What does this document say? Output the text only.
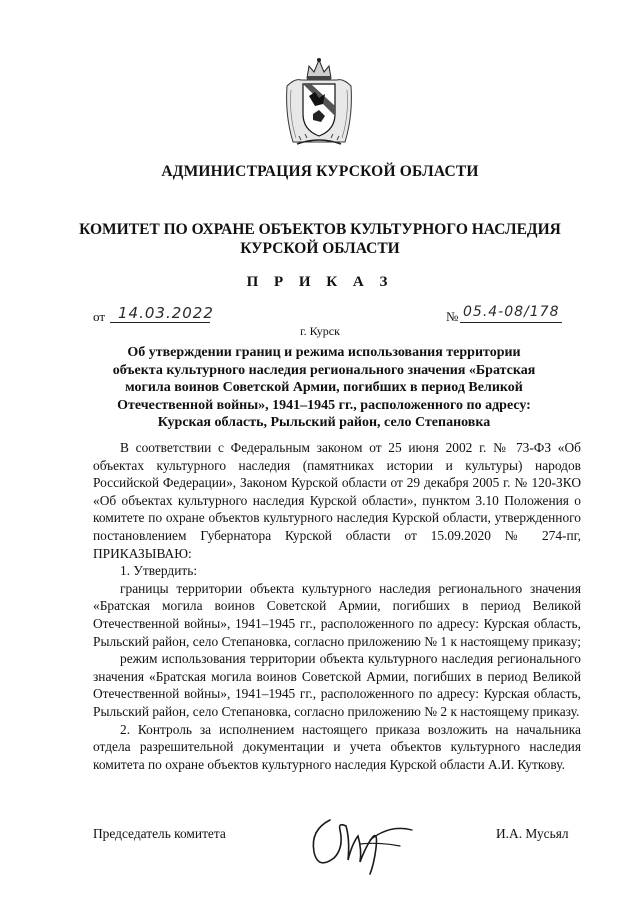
АДМИНИСТРАЦИЯ КУРСКОЙ ОБЛАСТИ
КОМИТЕТ ПО ОХРАНЕ ОБЪЕКТОВ КУЛЬТУРНОГО НАСЛЕДИЯ
КУРСКОЙ ОБЛАСТИ
П Р И К А З
от 14.03.2022	№ 05.4-08/178
г. Курск
Об утверждении границ и режима использования территории объекта культурного наследия регионального значения «Братская могила воинов Советской Армии, погибших в период Великой Отечественной войны», 1941–1945 гг., расположенного по адресу: Курская область, Рыльский район, село Степановка

В соответствии с Федеральным законом от 25 июня 2002 г. № 73-ФЗ «Об объектах культурного наследия (памятниках истории и культуры) народов Российской Федерации», Законом Курской области от 29 декабря 2005 г. № 120-ЗКО «Об объектах культурного наследия Курской области», пунктом 3.10 Положения о комитете по охране объектов культурного наследия Курской области, утвержденного постановлением Губернатора Курской области от 15.09.2020 № 274-пг, ПРИКАЗЫВАЮ:

1. Утвердить:

границы территории объекта культурного наследия регионального значения «Братская могила воинов Советской Армии, погибших в период Великой Отечественной войны», 1941–1945 гг., расположенного по адресу: Курская область, Рыльский район, село Степановка, согласно приложению № 1 к настоящему приказу;

режим использования территории объекта культурного наследия регионального значения «Братская могила воинов Советской Армии, погибших в период Великой Отечественной войны», 1941–1945 гг., расположенного по адресу: Курская область, Рыльский район, село Степановка, согласно приложению № 2 к настоящему приказу.

2. Контроль за исполнением настоящего приказа возложить на начальника отдела разрешительной документации и учета объектов культурного наследия комитета по охране объектов культурного наследия Курской области А.И. Куткову.

Председатель комитета	И.А. Мусьял
